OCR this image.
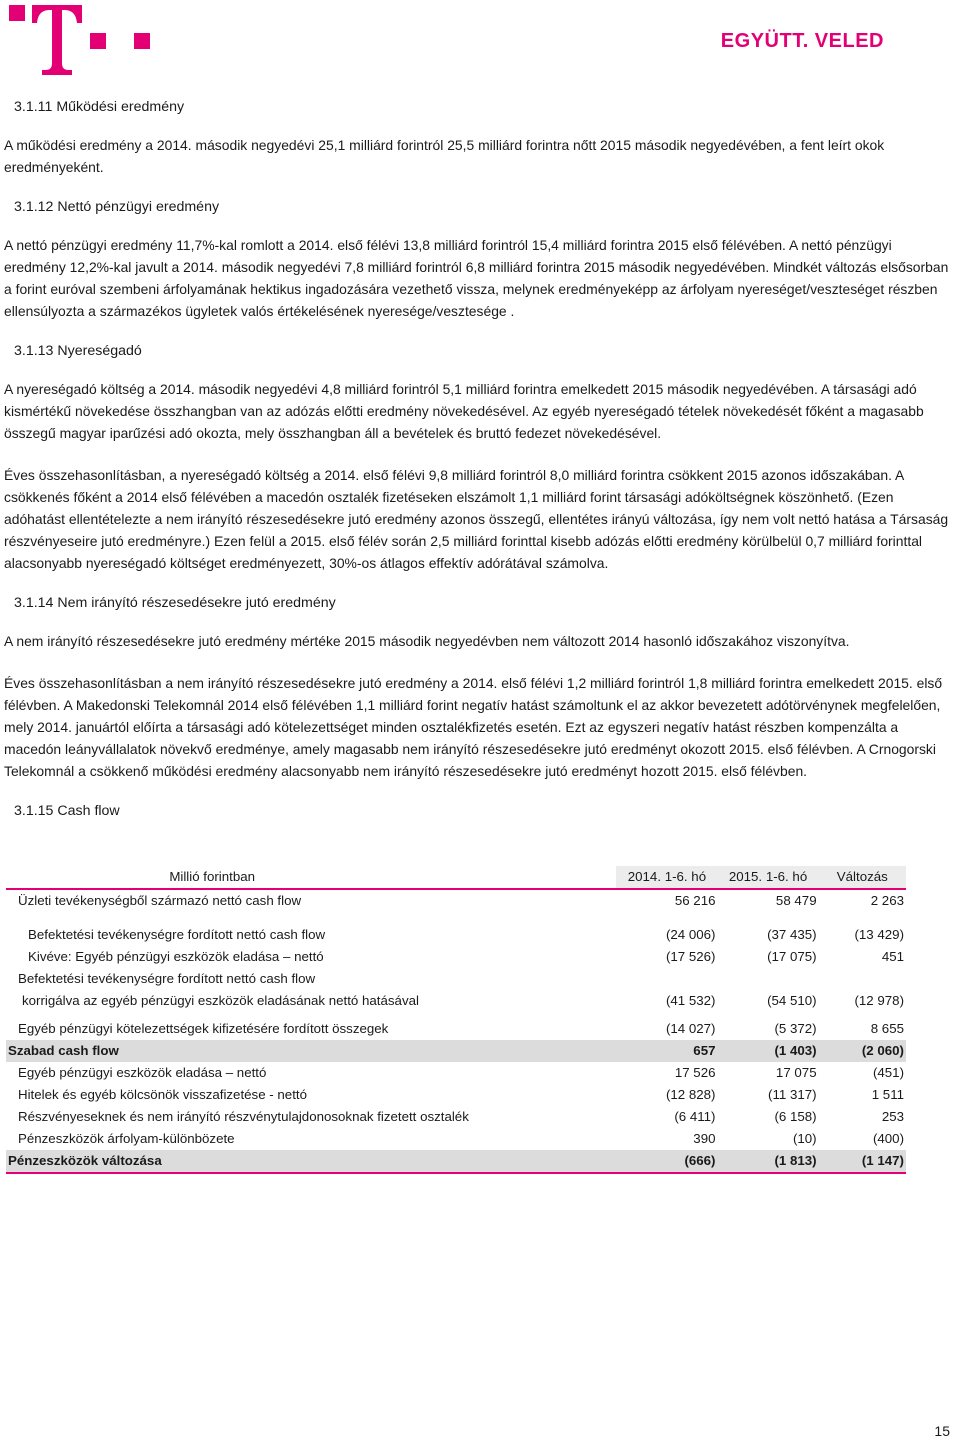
EGYÜTT. VELED
3.1.11 Működési eredmény

A működési eredmény a 2014. második negyedévi 25,1 milliárd forintról 25,5 milliárd forintra nőtt 2015 második negyedévében, a fent leírt okok eredményeként.

3.1.12 Nettó pénzügyi eredmény

A nettó pénzügyi eredmény 11,7%-kal romlott a 2014. első félévi 13,8 milliárd forintról 15,4 milliárd forintra 2015 első félévében. A nettó pénzügyi eredmény 12,2%-kal javult a 2014. második negyedévi 7,8 milliárd forintról 6,8 milliárd forintra 2015 második negyedévében. Mindkét változás elsősorban a forint euróval szembeni árfolyamának hektikus ingadozására vezethető vissza, melynek eredményeképp az árfolyam nyereséget/veszteséget részben ellensúlyozta a származékos ügyletek valós értékelésének nyeresége/vesztesége .

3.1.13 Nyereségadó

A nyereségadó költség a 2014. második negyedévi 4,8 milliárd forintról 5,1 milliárd forintra emelkedett 2015 második negyedévében. A társasági adó kismértékű növekedése összhangban van az adózás előtti eredmény növekedésével. Az egyéb nyereségadó tételek növekedését főként a magasabb összegű magyar iparűzési adó okozta, mely összhangban áll a bevételek és bruttó fedezet növekedésével.

Éves összehasonlításban, a nyereségadó költség a 2014. első félévi 9,8 milliárd forintról 8,0 milliárd forintra csökkent 2015 azonos időszakában. A csökkenés főként a 2014 első félévében a macedón osztalék fizetéseken elszámolt 1,1 milliárd forint társasági adóköltségnek köszönhető. (Ezen adóhatást ellentételezte a nem irányító részesedésekre jutó eredmény azonos összegű, ellentétes irányú változása, így nem volt nettó hatása a Társaság részvényeseire jutó eredményre.) Ezen felül a 2015. első félév során 2,5 milliárd forinttal kisebb adózás előtti eredmény körülbelül 0,7 milliárd forinttal alacsonyabb nyereségadó költséget eredményezett, 30%-os átlagos effektív adórátával számolva.

3.1.14 Nem irányító részesedésekre jutó eredmény

A nem irányító részesedésekre jutó eredmény mértéke 2015 második negyedévben nem változott 2014 hasonló időszakához viszonyítva.

Éves összehasonlításban a nem irányító részesedésekre jutó eredmény a 2014. első félévi 1,2 milliárd forintról 1,8 milliárd forintra emelkedett 2015. első félévben. A Makedonski Telekomnál 2014 első félévében 1,1 milliárd forint negatív hatást számoltunk el az akkor bevezetett adótörvénynek megfelelően, mely 2014. januártól előírta a társasági adó kötelezettséget minden osztalékfizetés esetén. Ezt az egyszeri negatív hatást részben kompenzálta a macedón leányvállalatok növekvő eredménye, amely magasabb nem irányító részesedésekre jutó eredményt okozott 2015. első félévben. A Crnogorski Telekomnál a csökkenő működési eredmény alacsonyabb nem irányító részesedésekre jutó eredményt hozott 2015. első félévben.

3.1.15 Cash flow
Millió forintban	2014. 1-6. hó	2015. 1-6. hó	Változás
Üzleti tevékenységből származó nettó cash flow	56 216	58 479	2 263

Befektetési tevékenységre fordított nettó cash flow	(24 006)	(37 435)	(13 429)
Kivéve: Egyéb pénzügyi eszközök eladása – nettó	(17 526)	(17 075)	451
Befektetési tevékenységre fordított nettó cash flow			
korrigálva az egyéb pénzügyi eszközök eladásának nettó hatásával	(41 532)	(54 510)	(12 978)

Egyéb pénzügyi kötelezettségek kifizetésére fordított összegek	(14 027)	(5 372)	8 655
Szabad cash flow	657	(1 403)	(2 060)
Egyéb pénzügyi eszközök eladása – nettó	17 526	17 075	(451)
Hitelek és egyéb kölcsönök visszafizetése - nettó	(12 828)	(11 317)	1 511
Részvényeseknek és nem irányító részvénytulajdonosoknak fizetett osztalék	(6 411)	(6 158)	253
Pénzeszközök árfolyam-különbözete	390	(10)	(400)
Pénzeszközök változása	(666)	(1 813)	(1 147)
15
